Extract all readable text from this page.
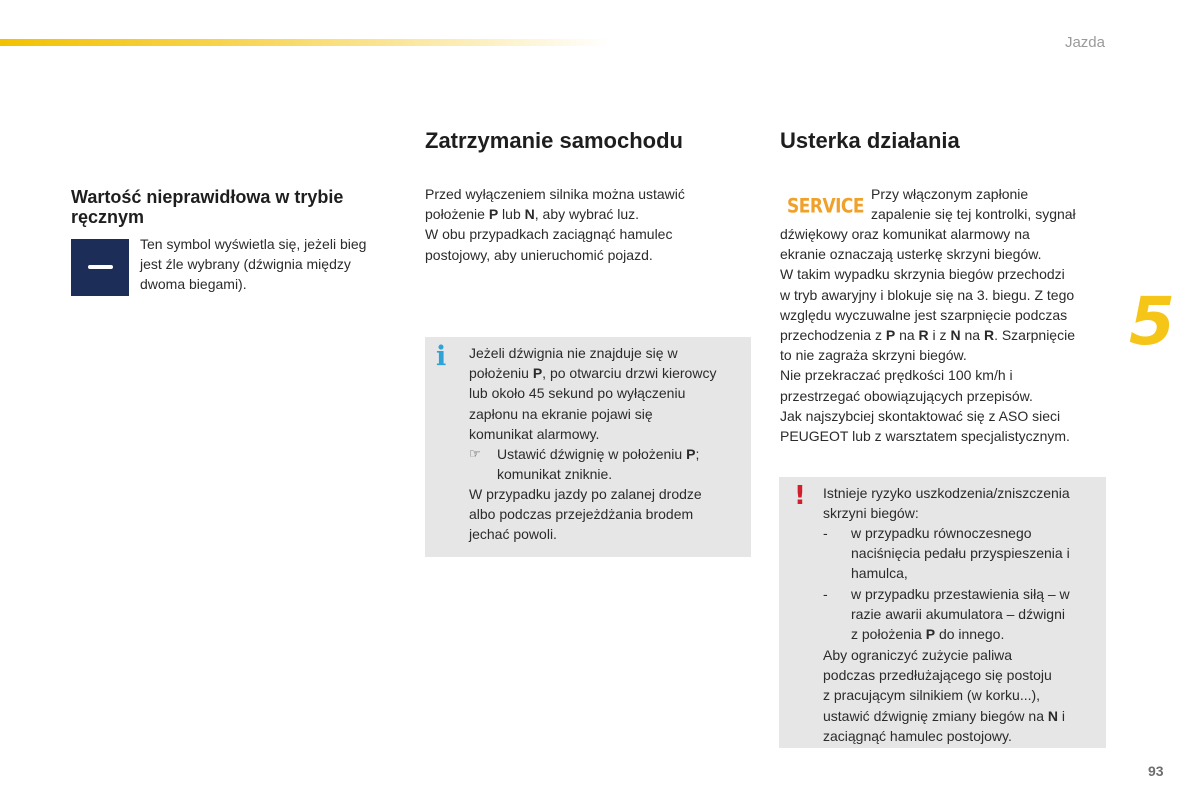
Jazda
Wartość nieprawidłowa w trybie
ręcznym
Ten symbol wyświetla się, jeżeli bieg
jest źle wybrany (dźwignia między
dwoma biegami).
Zatrzymanie samochodu
Przed wyłączeniem silnika można ustawić
położenie P lub N, aby wybrać luz.
W obu przypadkach zaciągnąć hamulec
postojowy, aby unieruchomić pojazd.
i Jeżeli dźwignia nie znajduje się w
położeniu P, po otwarciu drzwi kierowcy
lub około 45 sekund po wyłączeniu
zapłonu na ekranie pojawi się
komunikat alarmowy.
☞ Ustawić dźwignię w położeniu P;
komunikat zniknie.
W przypadku jazdy po zalanej drodze
albo podczas przejeżdżania brodem
jechać powoli.
Usterka działania
SERVICE
Przy włączonym zapłonie
zapalenie się tej kontrolki, sygnał
dźwiękowy oraz komunikat alarmowy na
ekranie oznaczają usterkę skrzyni biegów.
W takim wypadku skrzynia biegów przechodzi
w tryb awaryjny i blokuje się na 3. biegu. Z tego
względu wyczuwalne jest szarpnięcie podczas
przechodzenia z P na R i z N na R. Szarpnięcie
to nie zagraża skrzyni biegów.
Nie przekraczać prędkości 100 km/h i
przestrzegać obowiązujących przepisów.
Jak najszybciej skontaktować się z ASO sieci
PEUGEOT lub z warsztatem specjalistycznym.
! Istnieje ryzyko uszkodzenia/zniszczenia
skrzyni biegów:
- w przypadku równoczesnego
naciśnięcia pedału przyspieszenia i
hamulca,
- w przypadku przestawienia siłą – w
razie awarii akumulatora – dźwigni
z położenia P do innego.
Aby ograniczyć zużycie paliwa
podczas przedłużającego się postoju
z pracującym silnikiem (w korku...),
ustawić dźwignię zmiany biegów na N i
zaciągnąć hamulec postojowy.
5
93
